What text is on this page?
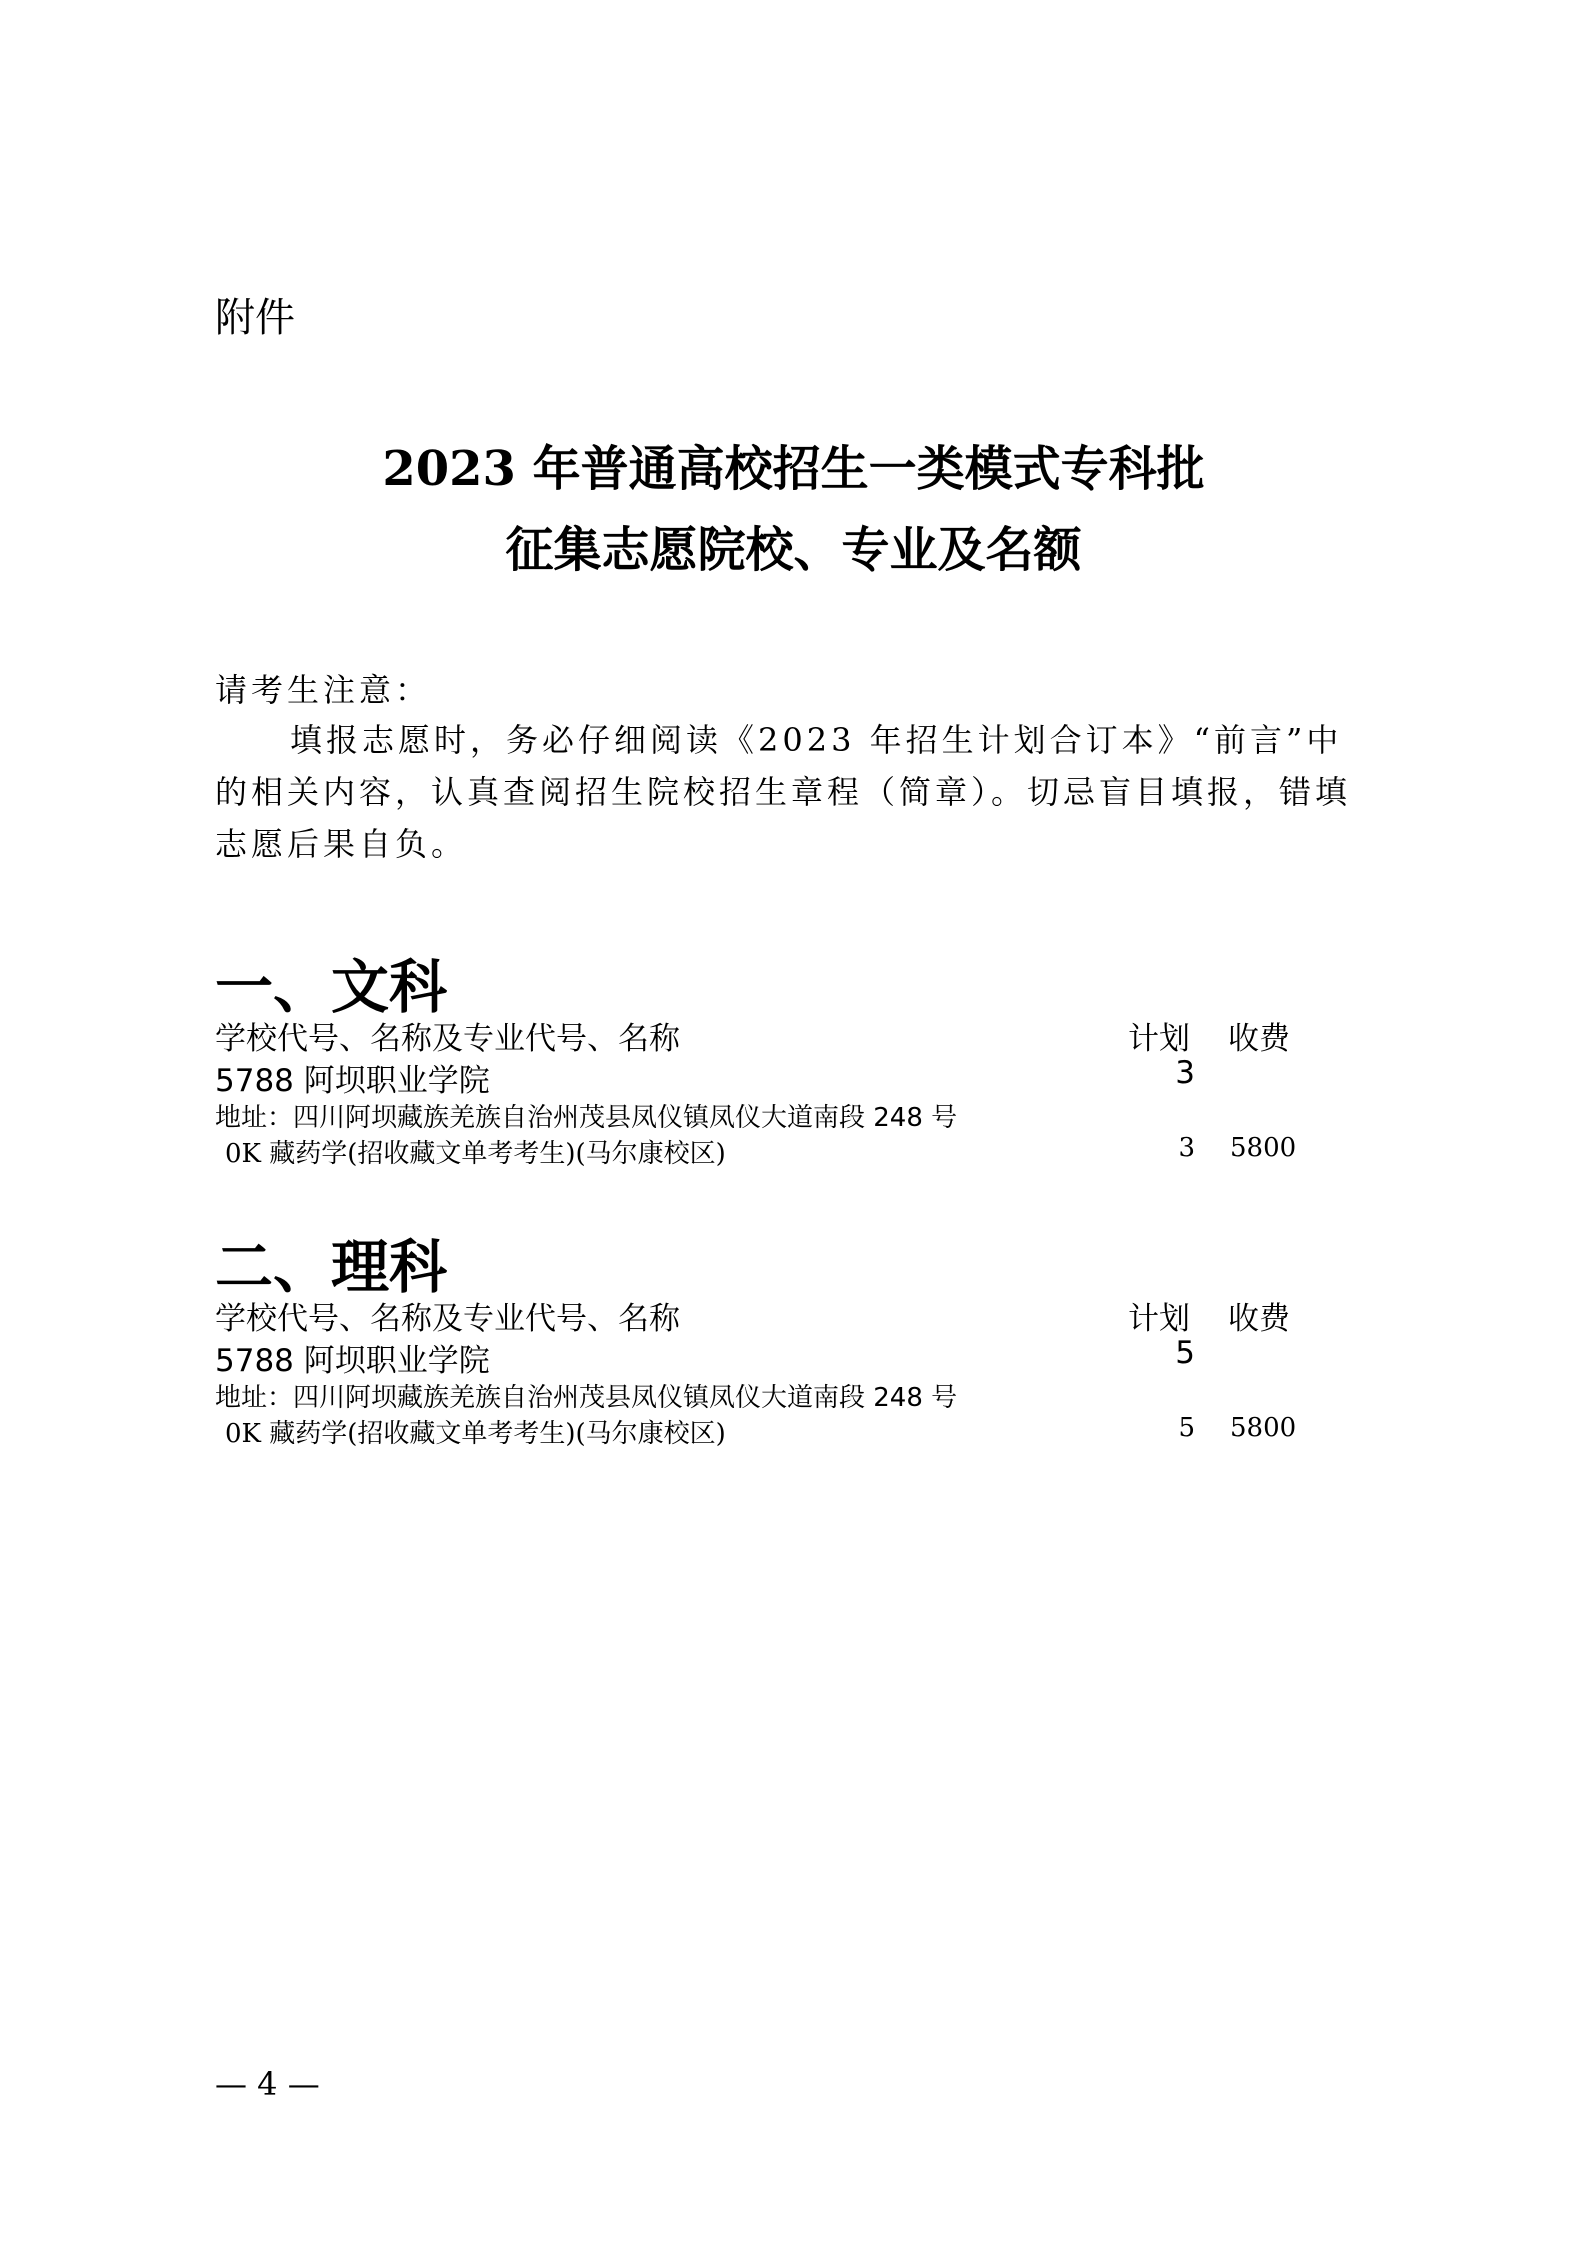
附件
2023 年普通高校招生一类模式专科批
征集志愿院校、专业及名额
请考生注意：
填报志愿时，务必仔细阅读《2023 年招生计划合订本》“前言”中
的相关内容，认真查阅招生院校招生章程（简章）。切忌盲目填报，错填
志愿后果自负。
一、文科
学校代号、名称及专业代号、名称	计划 收费
5788 阿坝职业学院	3
地址：四川阿坝藏族羌族自治州茂县凤仪镇凤仪大道南段 248 号
0K 藏药学(招收藏文单考考生)(马尔康校区)	3 5800
二、理科
学校代号、名称及专业代号、名称	计划 收费
5788 阿坝职业学院	5
地址：四川阿坝藏族羌族自治州茂县凤仪镇凤仪大道南段 248 号
0K 藏药学(招收藏文单考考生)(马尔康校区)	5 5800
— 4 —
